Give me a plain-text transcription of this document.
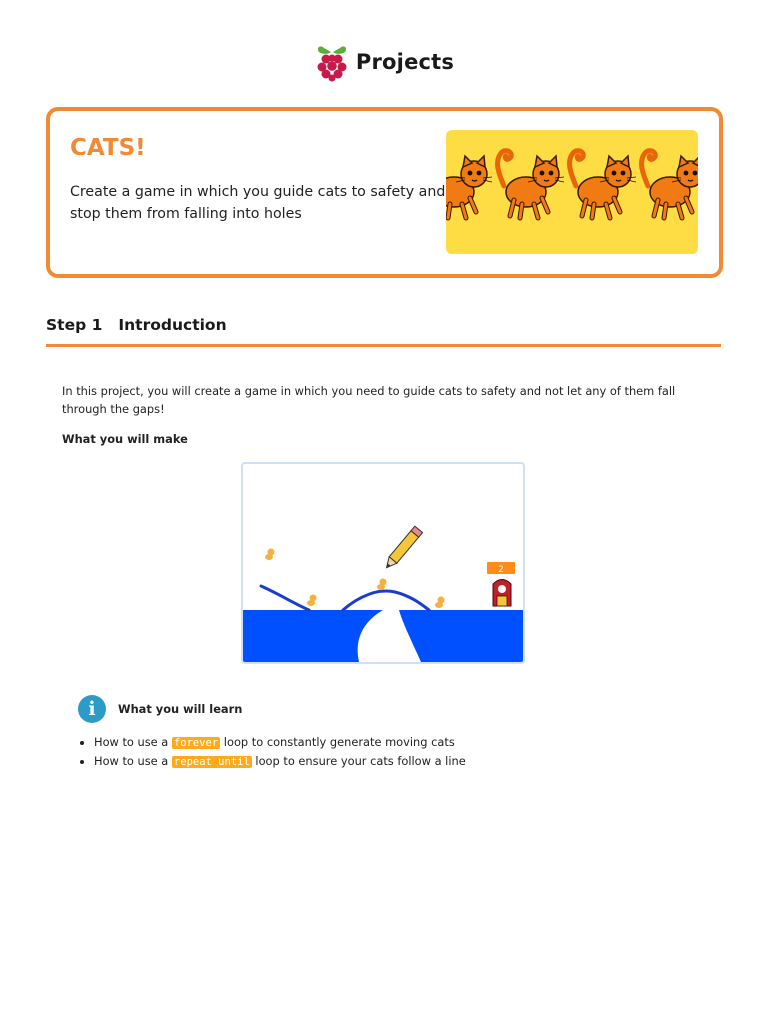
Projects
CATS!
Create a game in which you guide cats to safety and stop them from falling into holes
Step 1 Introduction
In this project, you will create a game in which you need to guide cats to safety and not let any of them fall through the gaps!
What you will make
2
i	What you will learn
• How to use a forever loop to constantly generate moving cats
• How to use a repeat until loop to ensure your cats follow a line
